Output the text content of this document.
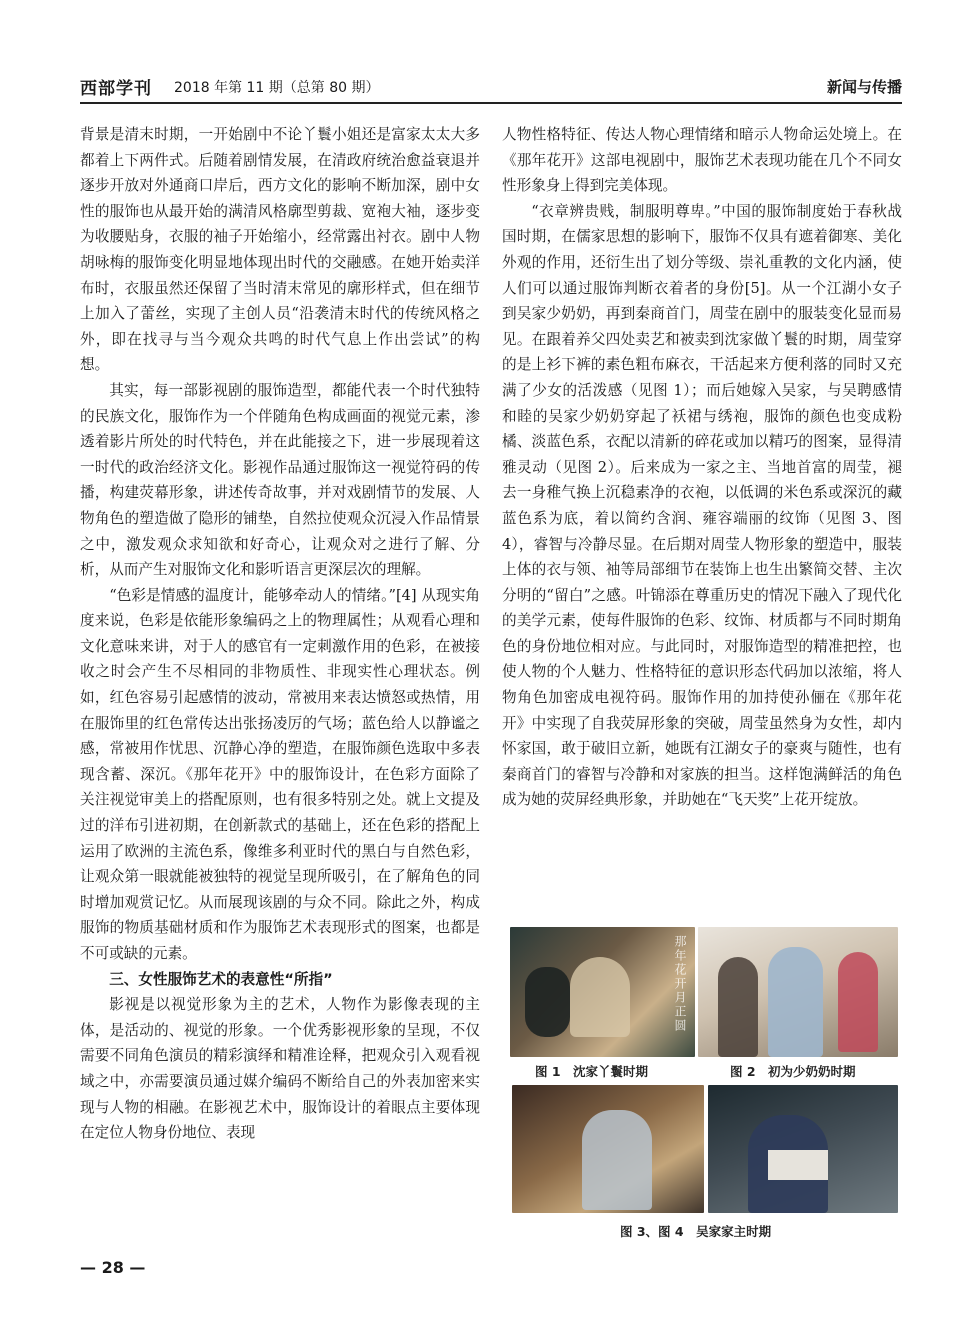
西部学刊 2018 年第 11 期（总第 80 期）	新闻与传播

背景是清末时期，一开始剧中不论丫鬟小姐还是富家太太大多都着上下两件式。后随着剧情发展，在清政府统治愈益衰退并逐步开放对外通商口岸后，西方文化的影响不断加深，剧中女性的服饰也从最开始的满清风格廓型剪裁、宽袍大袖，逐步变为收腰贴身，衣服的袖子开始缩小，经常露出衬衣。剧中人物胡咏梅的服饰变化明显地体现出时代的交融感。在她开始卖洋布时，衣服虽然还保留了当时清末常见的廓形样式，但在细节上加入了蕾丝，实现了主创人员“沿袭清末时代的传统风格之外，即在找寻与当今观众共鸣的时代气息上作出尝试”的构想。

其实，每一部影视剧的服饰造型，都能代表一个时代独特的民族文化，服饰作为一个伴随角色构成画面的视觉元素，渗透着影片所处的时代特色，并在此能接之下，进一步展现着这一时代的政治经济文化。影视作品通过服饰这一视觉符码的传播，构建荧幕形象，讲述传奇故事，并对戏剧情节的发展、人物角色的塑造做了隐形的铺垫，自然拉使观众沉浸入作品情景之中，激发观众求知欲和好奇心，让观众对之进行了解、分析，从而产生对服饰文化和影听语言更深层次的理解。

“色彩是情感的温度计，能够牵动人的情绪。”[4] 从现实角度来说，色彩是依能形象编码之上的物理属性；从观看心理和文化意味来讲，对于人的感官有一定刺激作用的色彩，在被接收之时会产生不尽相同的非物质性、非现实性心理状态。例如，红色容易引起感情的波动，常被用来表达愤怒或热情，用在服饰里的红色常传达出张扬凌厉的气场；蓝色给人以静谧之感，常被用作忧思、沉静心净的塑造，在服饰颜色选取中多表现含蓄、深沉。《那年花开》中的服饰设计，在色彩方面除了关注视觉审美上的搭配原则，也有很多特别之处。就上文提及过的洋布引进初期，在创新款式的基础上，还在色彩的搭配上运用了欧洲的主流色系，像维多利亚时代的黑白与自然色彩，让观众第一眼就能被独特的视觉呈现所吸引，在了解角色的同时增加观赏记忆。从而展现该剧的与众不同。除此之外，构成服饰的物质基础材质和作为服饰艺术表现形式的图案，也都是不可或缺的元素。

三、女性服饰艺术的表意性“所指”

影视是以视觉形象为主的艺术，人物作为影像表现的主体，是活动的、视觉的形象。一个优秀影视形象的呈现，不仅需要不同角色演员的精彩演绎和精准诠释，把观众引入观看视域之中，亦需要演员通过媒介编码不断给自己的外表加密来实现与人物的相融。在影视艺术中，服饰设计的着眼点主要体现在定位人物身份地位、表现

人物性格特征、传达人物心理情绪和暗示人物命运处境上。在《那年花开》这部电视剧中，服饰艺术表现功能在几个不同女性形象身上得到完美体现。

“衣章辨贵贱，制服明尊卑。”中国的服饰制度始于春秋战国时期，在儒家思想的影响下，服饰不仅具有遮着御寒、美化外观的作用，还衍生出了划分等级、崇礼重教的文化内涵，使人们可以通过服饰判断衣着者的身份[5]。从一个江湖小女子到吴家少奶奶，再到秦商首门，周莹在剧中的服装变化显而易见。在跟着养父四处卖艺和被卖到沈家做丫鬟的时期，周莹穿的是上衫下裤的素色粗布麻衣，干活起来方便利落的同时又充满了少女的活泼感（见图 1）；而后她嫁入吴家，与吴聘感情和睦的吴家少奶奶穿起了袄裙与绣袍，服饰的颜色也变成粉橘、淡蓝色系，衣配以清新的碎花或加以精巧的图案，显得清雅灵动（见图 2）。后来成为一家之主、当地首富的周莹，褪去一身稚气换上沉稳素净的衣袍，以低调的米色系或深沉的藏蓝色系为底，着以简约含润、雍容端丽的纹饰（见图 3、图 4），睿智与冷静尽显。在后期对周莹人物形象的塑造中，服装上体的衣与领、袖等局部细节在装饰上也生出繁简交替、主次分明的“留白”之感。叶锦添在尊重历史的情况下融入了现代化的美学元素，使每件服饰的色彩、纹饰、材质都与不同时期角色的身份地位相对应。与此同时，对服饰造型的精准把控，也使人物的个人魅力、性格特征的意识形态代码加以浓缩，将人物角色加密成电视符码。服饰作用的加持使孙俪在《那年花开》中实现了自我荧屏形象的突破，周莹虽然身为女性，却内怀家国，敢于破旧立新，她既有江湖女子的豪爽与随性，也有秦商首门的睿智与冷静和对家族的担当。这样饱满鲜活的角色成为她的荧屏经典形象，并助她在“飞天奖”上花开绽放。

那年花开月正圆
图 1　沈家丫鬟时期	图 2　初为少奶奶时期
图 3、图 4　吴家家主时期
— 28 —
